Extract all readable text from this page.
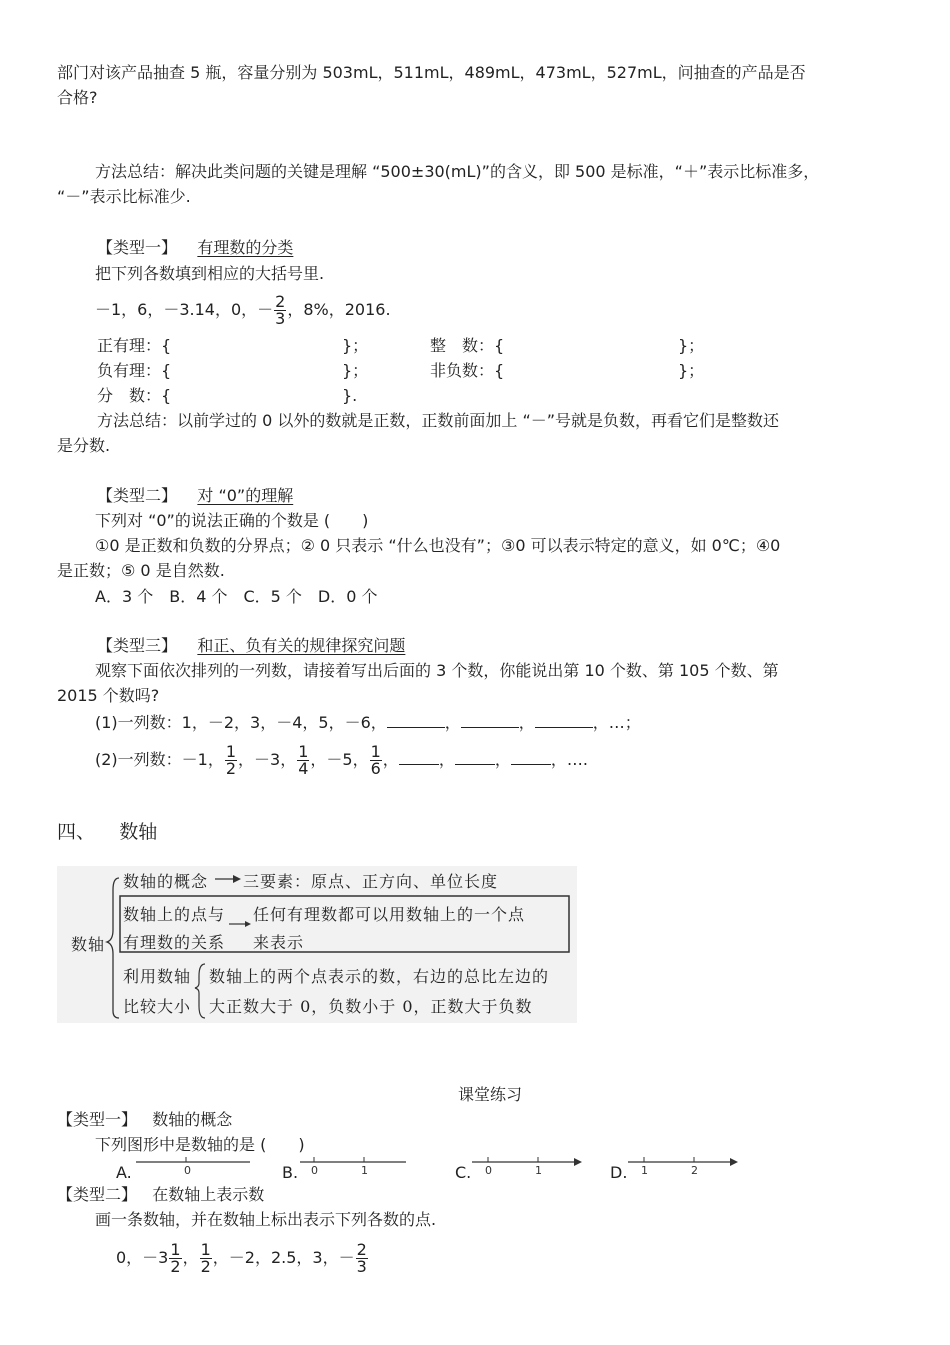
部门对该产品抽查 5 瓶，容量分别为 503mL，511mL，489mL，473mL，527mL，问抽查的产品是否
合格?
方法总结：解决此类问题的关键是理解 “500±30(mL)”的含义，即 500 是标准，“＋”表示比标准多，
“－”表示比标准少.
【类型一】 有理数的分类
把下列各数填到相应的大括号里.
－1，6，－3.14，0，－ $\frac{2}{3}$ ，8%，2016.
正有理：{	}；	整　数：{	}；
负有理：{	}；	非负数：{	}；
分　数：{	}.
方法总结：以前学过的 0 以外的数就是正数，正数前面加上 “－”号就是负数，再看它们是整数还
是分数.
【类型二】 对 “0”的理解
下列对 “0”的说法正确的个数是 (　　)
①0 是正数和负数的分界点；② 0 只表示 “什么也没有”；③0 可以表示特定的意义，如 0℃；④0
是正数；⑤ 0 是自然数.
A．3 个　B．4 个　C．5 个　D．0 个
【类型三】 和正、负有关的规律探究问题
观察下面依次排列的一列数，请接着写出后面的 3 个数，你能说出第 10 个数、第 105 个数、第
2015 个数吗?
(1)一列数：1，－2，3，－4，5，－6，	，	，	，…；
(2)一列数：－1， $\frac{1}{2}$ ，－3， $\frac{1}{4}$ ，－5， $\frac{1}{6}$ ，	，	，	，….
四、 数轴
数轴
数轴的概念 三要素：原点、正方向、单位长度
数轴上的点与
有理数的关系
任何有理数都可以用数轴上的一个点
来表示
利用数轴
比较大小
数轴上的两个点表示的数，右边的总比左边的
大正数大于 0，负数小于 0，正数大于负数
课堂练习
【类型一】 数轴的概念
下列图形中是数轴的是 (　　)
A.	0	B. 0	1	C. 0	1	D. 1	2
【类型二】 在数轴上表示数
画一条数轴，并在数轴上标出表示下列各数的点.
0，$-3 \frac{1}{2}$ ， $\frac{1}{2}$ ，－2，2.5，3，－ $\frac{2}{3}$
